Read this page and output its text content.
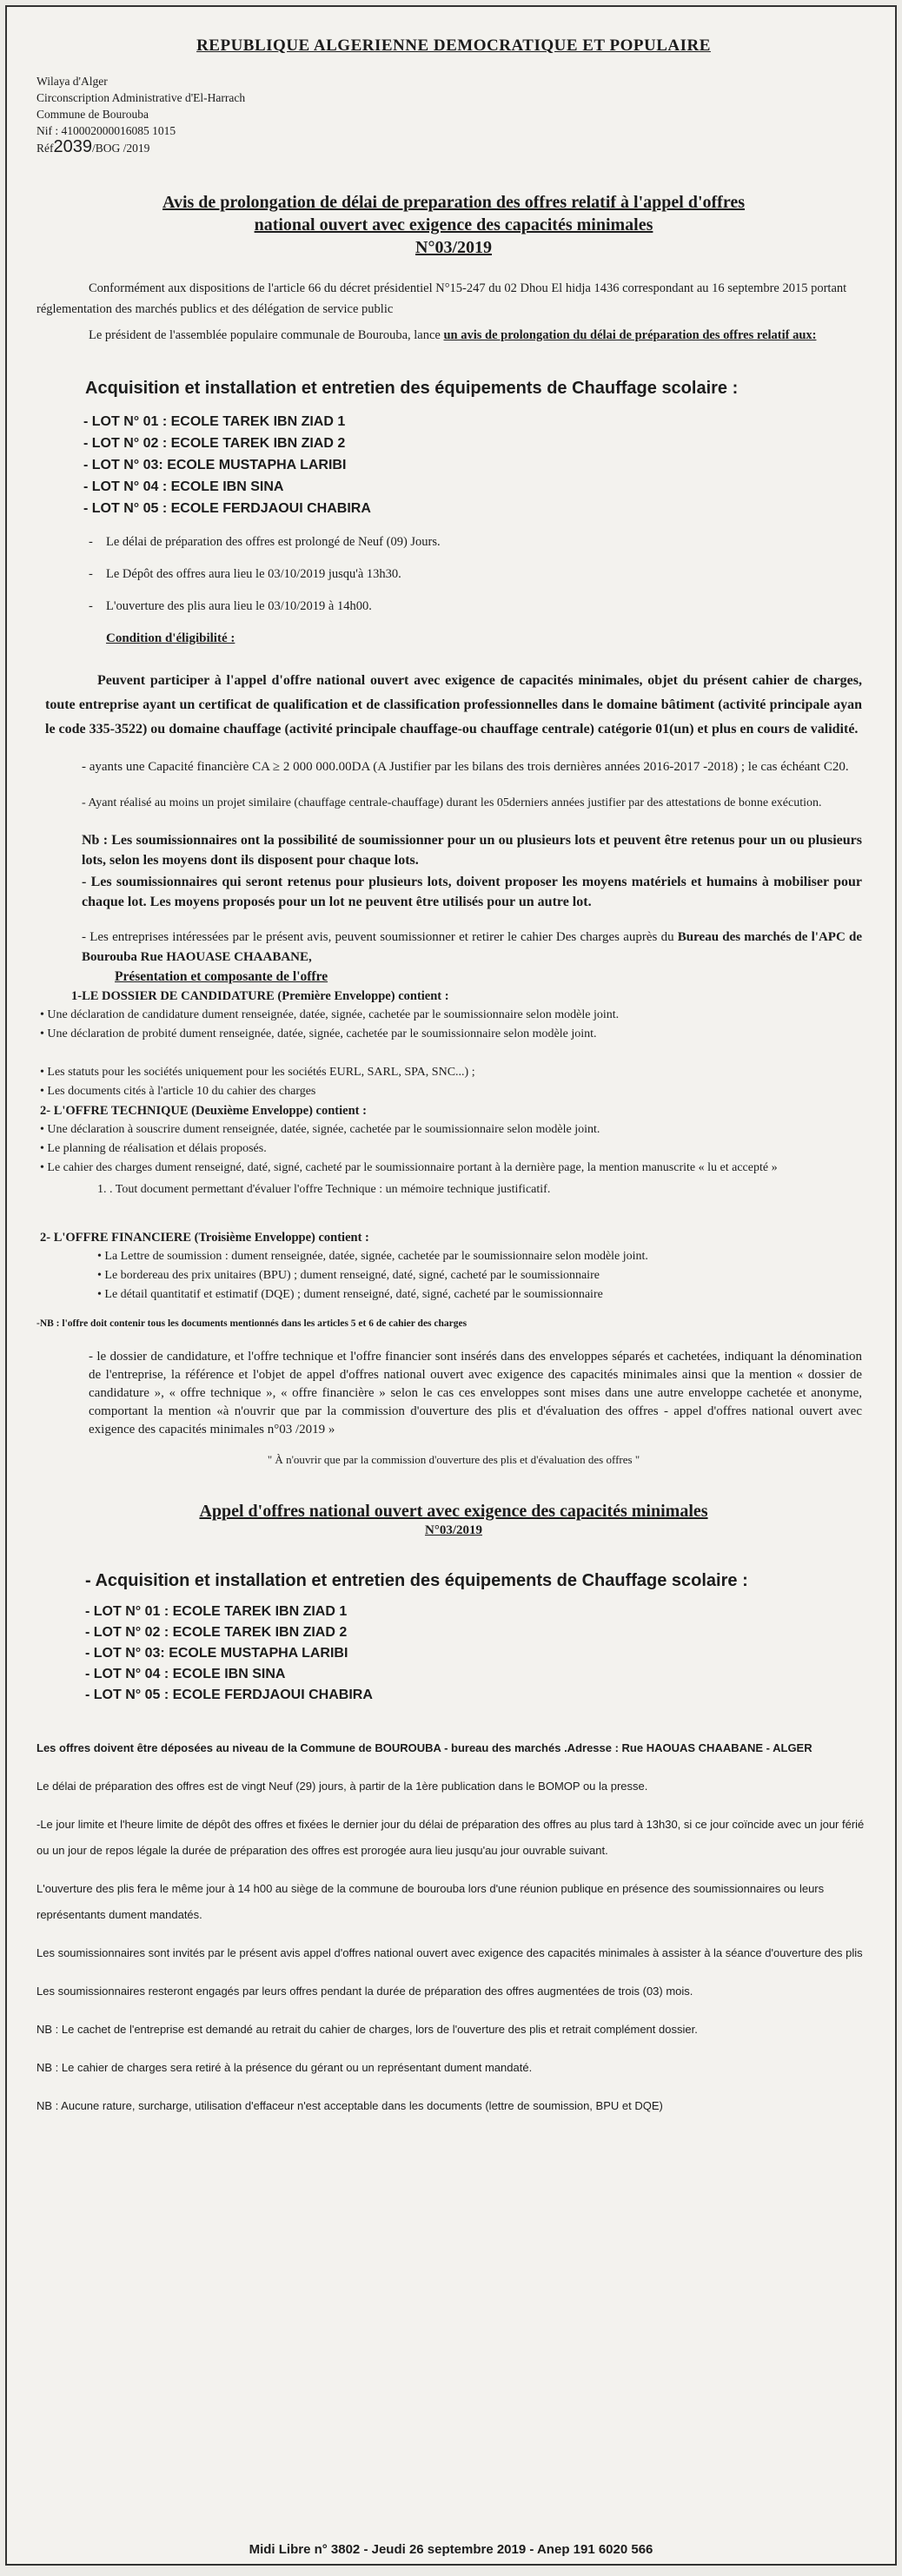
REPUBLIQUE ALGERIENNE DEMOCRATIQUE ET POPULAIRE
Wilaya d'Alger
Circonscription Administrative d'El-Harrach
Commune de Bourouba
Nif : 410002000016085 1015
Réf2039/BOG /2019
Avis de prolongation de délai de preparation des offres relatif à l'appel d'offres
national ouvert avec exigence des capacités minimales
N°03/2019

Conformément aux dispositions de l'article 66 du décret présidentiel N°15-247 du 02 Dhou El hidja 1436 correspondant au 16 septembre 2015 portant réglementation des marchés publics et des délégation de service public

Le président de l'assemblée populaire communale de Bourouba, lance un avis de prolongation du délai de préparation des offres relatif aux:

Acquisition et installation et entretien des équipements de Chauffage scolaire :
- LOT N° 01 : ECOLE TAREK IBN ZIAD 1
- LOT N° 02 : ECOLE TAREK IBN ZIAD 2
- LOT N° 03: ECOLE MUSTAPHA LARIBI
- LOT N° 04 : ECOLE IBN SINA
- LOT N° 05 : ECOLE FERDJAOUI CHABIRA

- Le délai de préparation des offres est prolongé de Neuf (09) Jours.

- Le Dépôt des offres aura lieu le 03/10/2019 jusqu'à 13h30.

- L'ouverture des plis aura lieu le 03/10/2019 à 14h00.

Condition d'éligibilité :

Peuvent participer à l'appel d'offre national ouvert avec exigence de capacités minimales, objet du présent cahier de charges, toute entreprise ayant un certificat de qualification et de classification professionnelles dans le domaine bâtiment (activité principale ayan le code 335-3522) ou domaine chauffage (activité principale chauffage-ou chauffage centrale) catégorie 01(un) et plus en cours de validité.

- ayants une Capacité financière CA ≥ 2 000 000.00DA (A Justifier par les bilans des trois dernières années 2016-2017 -2018) ; le cas échéant C20.
- Ayant réalisé au moins un projet similaire (chauffage centrale-chauffage) durant les 05derniers années justifier par des attestations de bonne exécution.
Nb : Les soumissionnaires ont la possibilité de soumissionner pour un ou plusieurs lots et peuvent être retenus pour un ou plusieurs lots, selon les moyens dont ils disposent pour chaque lots.
- Les soumissionnaires qui seront retenus pour plusieurs lots, doivent proposer les moyens matériels et humains à mobiliser pour chaque lot. Les moyens proposés pour un lot ne peuvent être utilisés pour un autre lot.
- Les entreprises intéressées par le présent avis, peuvent soumissionner et retirer le cahier Des charges auprès du Bureau des marchés de l'APC de Bourouba Rue HAOUASE CHAABANE,
Présentation et composante de l'offre
1-LE DOSSIER DE CANDIDATURE (Première Enveloppe) contient :
• Une déclaration de candidature dument renseignée, datée, signée, cachetée par le soumissionnaire selon modèle joint.
• Une déclaration de probité dument renseignée, datée, signée, cachetée par le soumissionnaire selon modèle joint.
• Les statuts pour les sociétés uniquement pour les sociétés EURL, SARL, SPA, SNC...) ;
• Les documents cités à l'article 10 du cahier des charges
2- L'OFFRE TECHNIQUE (Deuxième Enveloppe) contient :
• Une déclaration à souscrire dument renseignée, datée, signée, cachetée par le soumissionnaire selon modèle joint.
• Le planning de réalisation et délais proposés.
• Le cahier des charges dument renseigné, daté, signé, cacheté par le soumissionnaire portant à la dernière page, la mention manuscrite « lu et accepté »
1. . Tout document permettant d'évaluer l'offre Technique : un mémoire technique justificatif.
2- L'OFFRE FINANCIERE (Troisième Enveloppe) contient :
• La Lettre de soumission : dument renseignée, datée, signée, cachetée par le soumissionnaire selon modèle joint.
• Le bordereau des prix unitaires (BPU) ; dument renseigné, daté, signé, cacheté par le soumissionnaire
• Le détail quantitatif et estimatif (DQE) ; dument renseigné, daté, signé, cacheté par le soumissionnaire
-NB : l'offre doit contenir tous les documents mentionnés dans les articles 5 et 6 de cahier des charges
- le dossier de candidature, et l'offre technique et l'offre financier sont insérés dans des enveloppes séparés et cachetées, indiquant la dénomination de l'entreprise, la référence et l'objet de appel d'offres national ouvert avec exigence des capacités minimales ainsi que la mention « dossier de candidature », « offre technique », « offre financière » selon le cas ces enveloppes sont mises dans une autre enveloppe cachetée et anonyme, comportant la mention «à n'ouvrir que par la commission d'ouverture des plis et d'évaluation des offres - appel d'offres national ouvert avec exigence des capacités minimales n°03 /2019 »
" À n'ouvrir que par la commission d'ouverture des plis et d'évaluation des offres "
Appel d'offres national ouvert avec exigence des capacités minimales
N°03/2019
- Acquisition et installation et entretien des équipements de Chauffage scolaire :
- LOT N° 01 : ECOLE TAREK IBN ZIAD 1
- LOT N° 02 : ECOLE TAREK IBN ZIAD 2
- LOT N° 03: ECOLE MUSTAPHA LARIBI
- LOT N° 04 : ECOLE IBN SINA
- LOT N° 05 : ECOLE FERDJAOUI CHABIRA

Les offres doivent être déposées au niveau de la Commune de BOUROUBA - bureau des marchés .Adresse : Rue HAOUAS CHAABANE - ALGER

Le délai de préparation des offres est de vingt Neuf (29) jours, à partir de la 1ère publication dans le BOMOP ou la presse.

-Le jour limite et l'heure limite de dépôt des offres et fixées le dernier jour du délai de préparation des offres au plus tard à 13h30, si ce jour coïncide avec un jour férié ou un jour de repos légale la durée de préparation des offres est prorogée aura lieu jusqu'au jour ouvrable suivant.

L'ouverture des plis fera le même jour à 14 h00 au siège de la commune de bourouba lors d'une réunion publique en présence des soumissionnaires ou leurs représentants dument mandatés.

Les soumissionnaires sont invités par le présent avis appel d'offres national ouvert avec exigence des capacités minimales à assister à la séance d'ouverture des plis

Les soumissionnaires resteront engagés par leurs offres pendant la durée de préparation des offres augmentées de trois (03) mois.

NB : Le cachet de l'entreprise est demandé au retrait du cahier de charges, lors de l'ouverture des plis et retrait complément dossier.

NB : Le cahier de charges sera retiré à la présence du gérant ou un représentant dument mandaté.

NB : Aucune rature, surcharge, utilisation d'effaceur n'est acceptable dans les documents (lettre de soumission, BPU et DQE)

Midi Libre n° 3802 - Jeudi 26 septembre 2019 - Anep 191 6020 566
